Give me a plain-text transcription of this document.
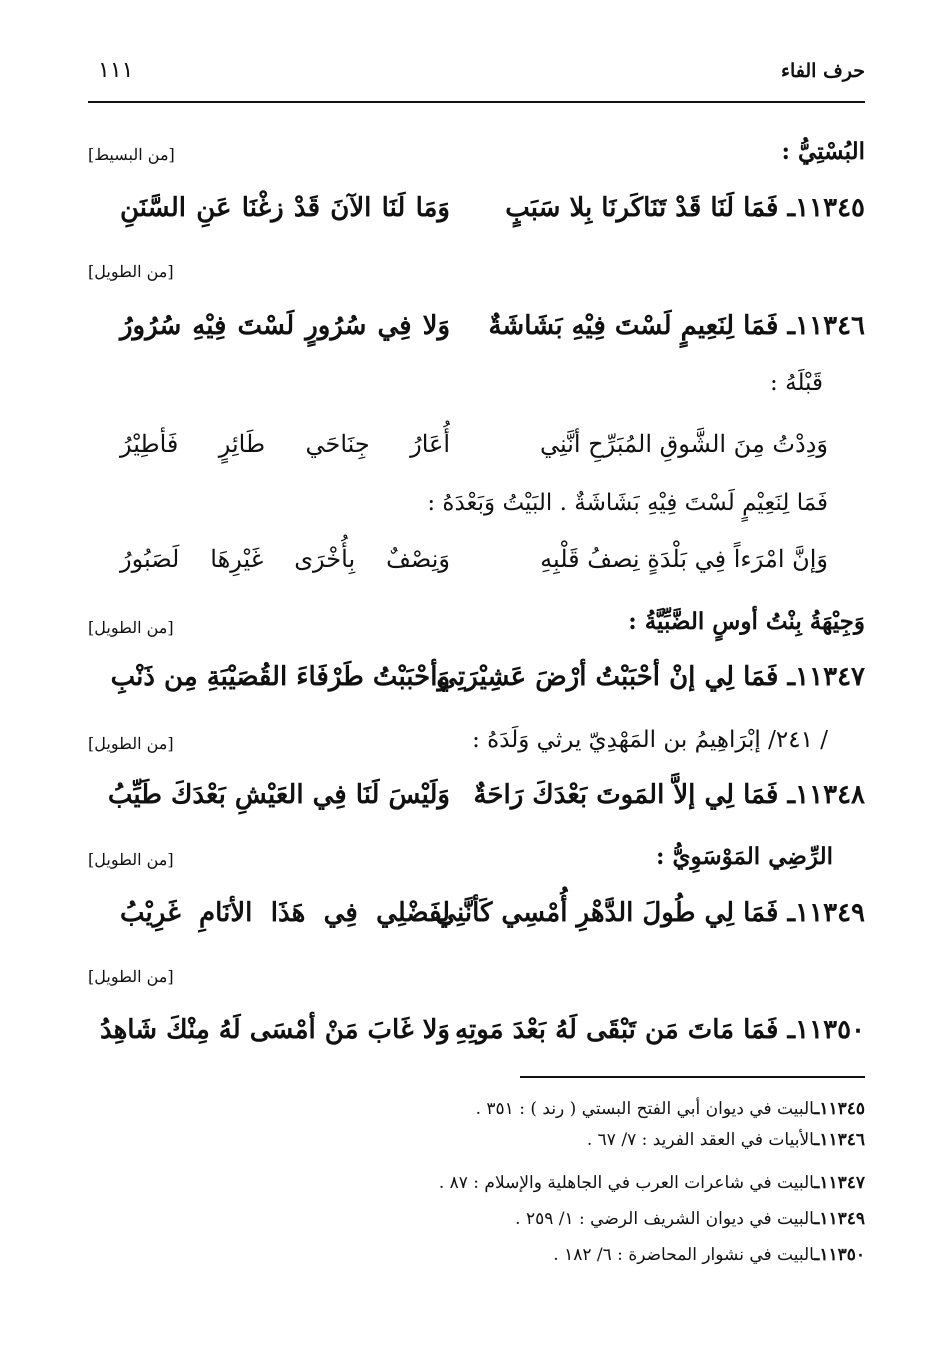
حرف الفاء
١١١
البُسْتِيُّ :
[من البسيط]
١١٣٤٥ـ فَمَا لَنَا قَدْ تَنَاكَرنَا بِلا سَبَبٍ
وَمَا لَنَا الآنَ قَدْ زغْنَا عَنِ السَّنَنِ
[من الطويل]
١١٣٤٦ـ فَمَا لِنَعِيمٍ لَسْتَ فِيْهِ بَشَاشَةٌ
وَلا فِي سُرُورٍ لَسْتَ فِيْهِ سُرُورُ
قَبْلَهُ :
وَدِدْتُ مِنَ الشَّوقِ المُبَرِّحِ أنَّنِي
أُعَارُ جِنَاحَي طَائِرٍ فَأطِيْرُ
فَمَا لِنَعِيْمٍ لَسْتَ فِيْهِ بَشَاشَةٌ . البَيْتُ وَبَعْدَهُ :
وَإنَّ امْرَءاً فِي بَلْدَةٍ نِصفُ قَلْبِهِ
وَنِصْفٌ بِأُخْرَى غَيْرِهَا لَصَبُورُ
وَجِيْهَةُ بِنْتُ أوسٍ الضَّبِّيَّةُ :
[من الطويل]
١١٣٤٧ـ فَمَا لِي إنْ أحْبَبْتُ أرْضَ عَشِيْرَتِي
وَأحْبَبْتُ طَرْفَاءَ القُصَيْبَةِ مِن ذَنْبِ
/ ٢٤١/ إبْرَاهِيمُ بن المَهْدِيّ يرثي وَلَدَهُ :
[من الطويل]
١١٣٤٨ـ فَمَا لِي إلاَّ المَوتَ بَعْدَكَ رَاحَةٌ
وَلَيْسَ لَنَا فِي العَيْشِ بَعْدَكَ طَيِّبُ
الرِّضِي المَوْسَوِيُّ :
[من الطويل]
١١٣٤٩ـ فَمَا لِي طُولَ الدَّهْرِ أُمْسِي كَأنَّنِي
لِفَضْلِي فِي هَذَا الأنَامِ غَرِيْبُ
[من الطويل]
١١٣٥٠ـ فَمَا مَاتَ مَن تَبْقَى لَهُ بَعْدَ مَوتِهِ
وَلا غَابَ مَنْ أمْسَى لَهُ مِنْكَ شَاهِدُ
١١٣٤٥ـالبيت في ديوان أبي الفتح البستي ( رند ) : ٣٥١ .
١١٣٤٦ـالأبيات في العقد الفريد : ٧/ ٦٧ .
١١٣٤٧ـالبيت في شاعرات العرب في الجاهلية والإسلام : ٨٧ .
١١٣٤٩ـالبيت في ديوان الشريف الرضي : ١/ ٢٥٩ .
١١٣٥٠ـالبيت في نشوار المحاضرة : ٦/ ١٨٢ .
